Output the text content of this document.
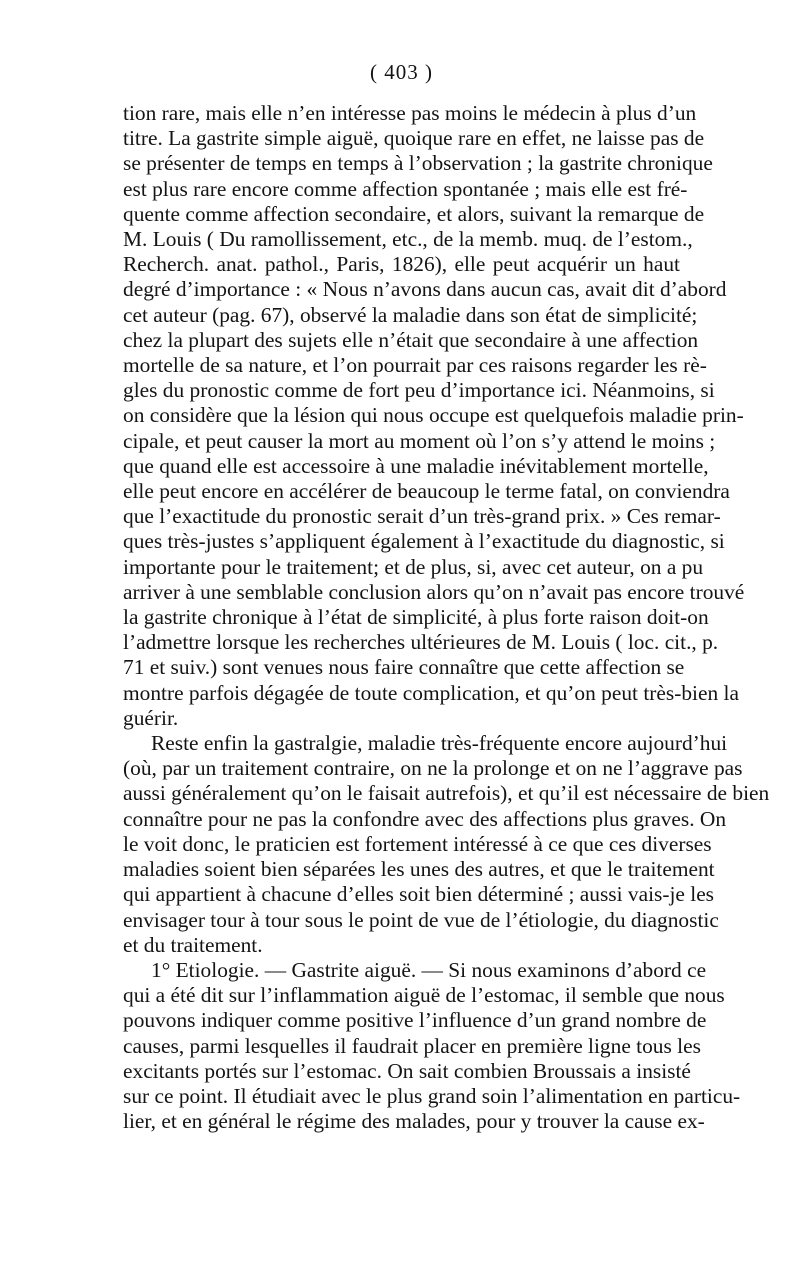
( 403 )
tion rare, mais elle n’en intéresse pas moins le médecin à plus d’un
titre. La gastrite simple aiguë, quoique rare en effet, ne laisse pas de
se présenter de temps en temps à l’observation ; la gastrite chronique
est plus rare encore comme affection spontanée ; mais elle est fré-
quente comme affection secondaire, et alors, suivant la remarque de
M. Louis ( Du ramollissement, etc., de la memb. muq. de l’estom.,
Recherch. anat. pathol., Paris, 1826), elle peut acquérir un haut
degré d’importance : « Nous n’avons dans aucun cas, avait dit d’abord
cet auteur (pag. 67), observé la maladie dans son état de simplicité;
chez la plupart des sujets elle n’était que secondaire à une affection
mortelle de sa nature, et l’on pourrait par ces raisons regarder les rè-
gles du pronostic comme de fort peu d’importance ici. Néanmoins, si
on considère que la lésion qui nous occupe est quelquefois maladie prin-
cipale, et peut causer la mort au moment où l’on s’y attend le moins ;
que quand elle est accessoire à une maladie inévitablement mortelle,
elle peut encore en accélérer de beaucoup le terme fatal, on conviendra
que l’exactitude du pronostic serait d’un très-grand prix. » Ces remar-
ques très-justes s’appliquent également à l’exactitude du diagnostic, si
importante pour le traitement; et de plus, si, avec cet auteur, on a pu
arriver à une semblable conclusion alors qu’on n’avait pas encore trouvé
la gastrite chronique à l’état de simplicité, à plus forte raison doit-on
l’admettre lorsque les recherches ultérieures de M. Louis ( loc. cit., p.
71 et suiv.) sont venues nous faire connaître que cette affection se
montre parfois dégagée de toute complication, et qu’on peut très-bien la
guérir.
Reste enfin la gastralgie, maladie très-fréquente encore aujourd’hui
(où, par un traitement contraire, on ne la prolonge et on ne l’aggrave pas
aussi généralement qu’on le faisait autrefois), et qu’il est nécessaire de bien
connaître pour ne pas la confondre avec des affections plus graves. On
le voit donc, le praticien est fortement intéressé à ce que ces diverses
maladies soient bien séparées les unes des autres, et que le traitement
qui appartient à chacune d’elles soit bien déterminé ; aussi vais-je les
envisager tour à tour sous le point de vue de l’étiologie, du diagnostic
et du traitement.
1° Etiologie. — Gastrite aiguë. — Si nous examinons d’abord ce
qui a été dit sur l’inflammation aiguë de l’estomac, il semble que nous
pouvons indiquer comme positive l’influence d’un grand nombre de
causes, parmi lesquelles il faudrait placer en première ligne tous les
excitants portés sur l’estomac. On sait combien Broussais a insisté
sur ce point. Il étudiait avec le plus grand soin l’alimentation en particu-
lier, et en général le régime des malades, pour y trouver la cause ex-
